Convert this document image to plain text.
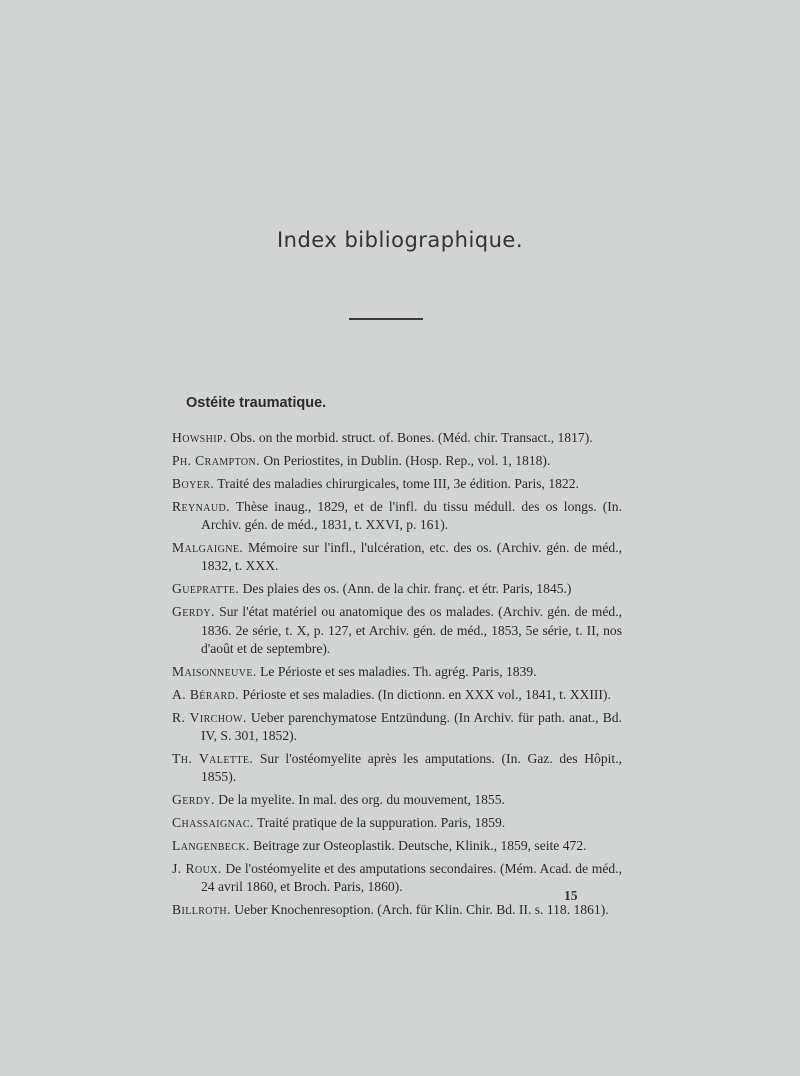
Index bibliographique.
Ostéite traumatique.
Howship. Obs. on the morbid. struct. of. Bones. (Méd. chir. Transact., 1817).
Ph. Crampton. On Periostites, in Dublin. (Hosp. Rep., vol. 1, 1818).
Boyer. Traité des maladies chirurgicales, tome III, 3e édition. Paris, 1822.
Reynaud. Thèse inaug., 1829, et de l'infl. du tissu médull. des os longs. (In. Archiv. gén. de méd., 1831, t. XXVI, p. 161).
Malgaigne. Mémoire sur l'infl., l'ulcération, etc. des os. (Archiv. gén. de méd., 1832, t. XXX.
Guepratte. Des plaies des os. (Ann. de la chir. franç. et étr. Paris, 1845.)
Gerdy. Sur l'état matériel ou anatomique des os malades. (Archiv. gén. de méd., 1836. 2e série, t. X, p. 127, et Archiv. gén. de méd., 1853, 5e série, t. II, nos d'août et de septembre).
Maisonneuve. Le Périoste et ses maladies. Th. agrég. Paris, 1839.
A. Bérard. Périoste et ses maladies. (In dictionn. en XXX vol., 1841, t. XXIII).
R. Virchow. Ueber parenchymatose Entzündung. (In Archiv. für path. anat., Bd. IV, S. 301, 1852).
Th. Valette. Sur l'ostéomyelite après les amputations. (In. Gaz. des Hôpit., 1855).
Gerdy. De la myelite. In mal. des org. du mouvement, 1855.
Chassaignac. Traité pratique de la suppuration. Paris, 1859.
Langenbeck. Beitrage zur Osteoplastik. Deutsche, Klinik., 1859, seite 472.
J. Roux. De l'ostéomyelite et des amputations secondaires. (Mém. Acad. de méd., 24 avril 1860, et Broch. Paris, 1860).
Billroth. Ueber Knochenresoption. (Arch. für Klin. Chir. Bd. II. s. 118. 1861).
15
